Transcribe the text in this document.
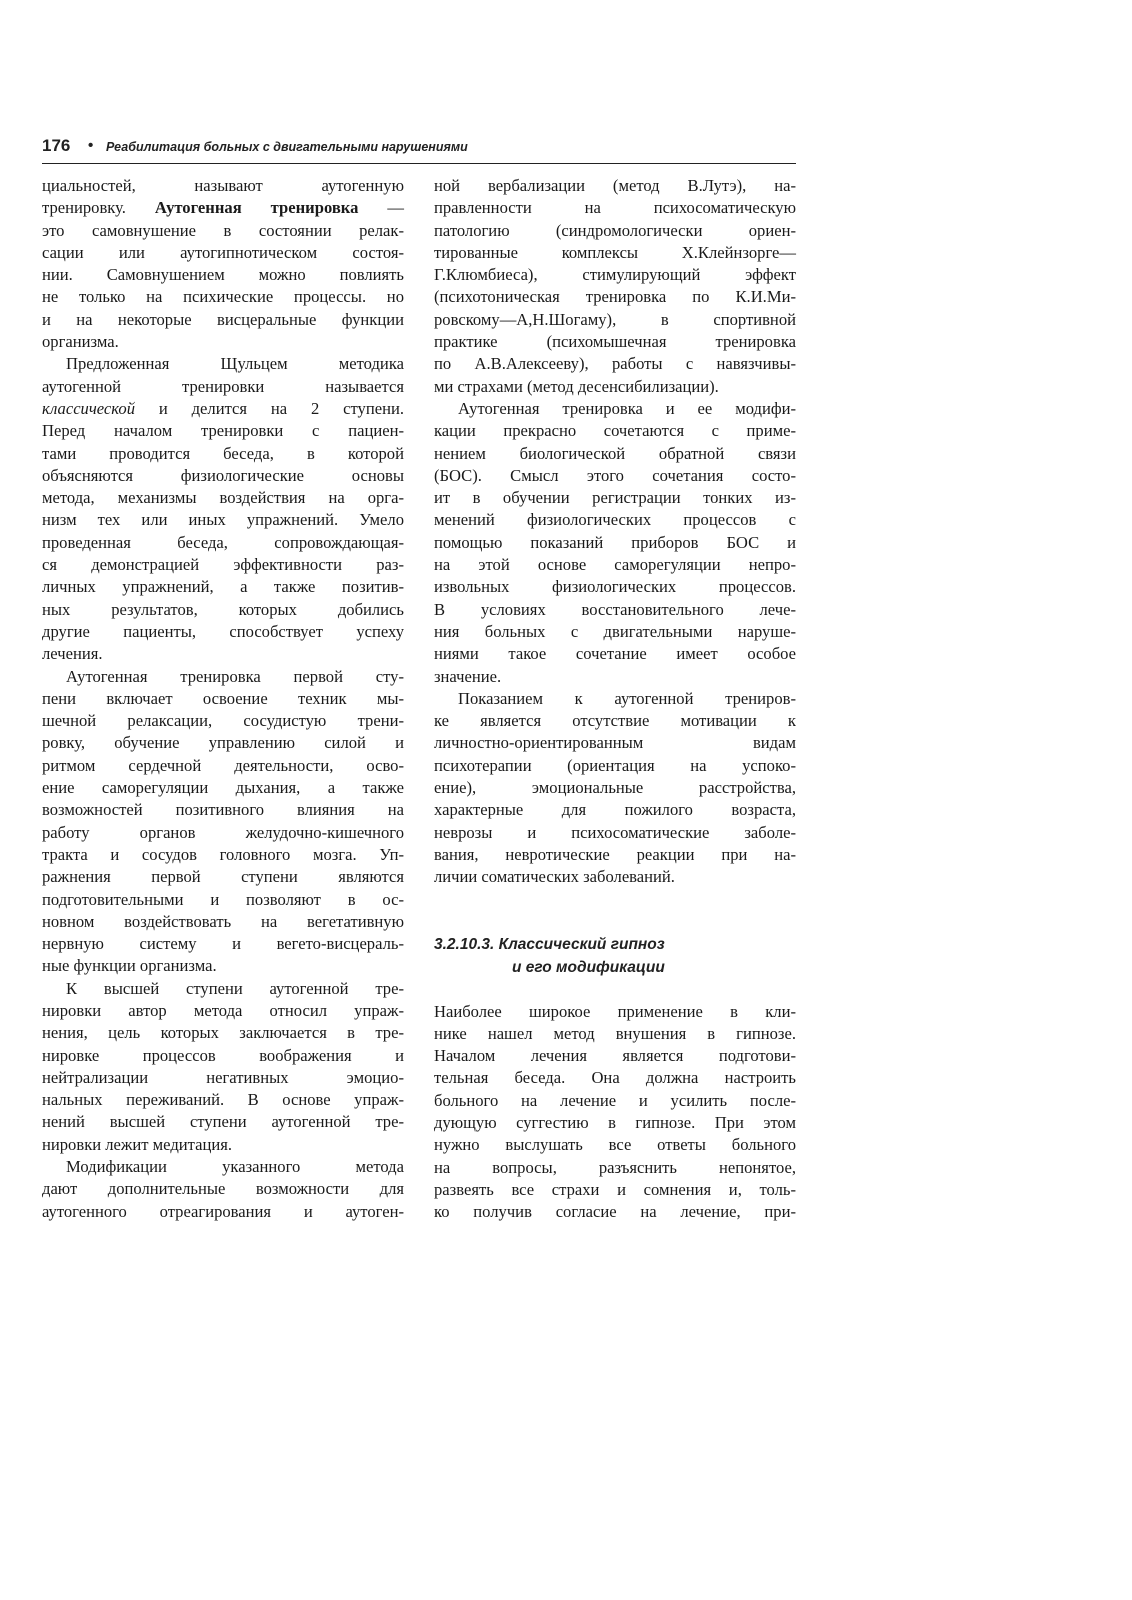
176 • Реабилитация больных с двигательными нарушениями
циальностей, называют аутогенную
тренировку. Аутогенная тренировка —
это самовнушение в состоянии релак-
сации или аутогипнотическом состоя-
нии. Самовнушением можно повлиять
не только на психические процессы. но
и на некоторые висцеральные функции
организма.
Предложенная Щульцем методика
аутогенной тренировки называется
классической и делится на 2 ступени.
Перед началом тренировки с пациен-
тами проводится беседа, в которой
объясняются физиологические основы
метода, механизмы воздействия на орга-
низм тех или иных упражнений. Умело
проведенная беседа, сопровождающая-
ся демонстрацией эффективности раз-
личных упражнений, а также позитив-
ных результатов, которых добились
другие пациенты, способствует успеху
лечения.
Аутогенная тренировка первой сту-
пени включает освоение техник мы-
шечной релаксации, сосудистую трени-
ровку, обучение управлению силой и
ритмом сердечной деятельности, осво-
ение саморегуляции дыхания, а также
возможностей позитивного влияния на
работу органов желудочно-кишечного
тракта и сосудов головного мозга. Уп-
ражнения первой ступени являются
подготовительными и позволяют в ос-
новном воздействовать на вегетативную
нервную систему и вегето-висцераль-
ные функции организма.
К высшей ступени аутогенной тре-
нировки автор метода относил упраж-
нения, цель которых заключается в тре-
нировке процессов воображения и
нейтрализации негативных эмоцио-
нальных переживаний. В основе упраж-
нений высшей ступени аутогенной тре-
нировки лежит медитация.
Модификации указанного метода
дают дополнительные возможности для
аутогенного отреагирования и аутоген-
ной вербализации (метод В.Лутэ), на-
правленности на психосоматическую
патологию (синдромологически ориен-
тированные комплексы Х.Клейнзорге—
Г.Клюмбиеса), стимулирующий эффект
(психотоническая тренировка по К.И.Ми-
ровскому—А,Н.Шогаму), в спортивной
практике (психомышечная тренировка
по А.В.Алексееву), работы с навязчивы-
ми страхами (метод десенсибилизации).
Аутогенная тренировка и ее модифи-
кации прекрасно сочетаются с приме-
нением биологической обратной связи
(БОС). Смысл этого сочетания состо-
ит в обучении регистрации тонких из-
менений физиологических процессов с
помощью показаний приборов БОС и
на этой основе саморегуляции непро-
извольных физиологических процессов.
В условиях восстановительного лече-
ния больных с двигательными наруше-
ниями такое сочетание имеет особое
значение.
Показанием к аутогенной трениров-
ке является отсутствие мотивации к
личностно-ориентированным видам
психотерапии (ориентация на успоко-
ение), эмоциональные расстройства,
характерные для пожилого возраста,
неврозы и психосоматические заболе-
вания, невротические реакции при на-
личии соматических заболеваний.
3.2.10.3. Классический гипноз
и его модификации
Наиболее широкое применение в кли-
нике нашел метод внушения в гипнозе.
Началом лечения является подготови-
тельная беседа. Она должна настроить
больного на лечение и усилить после-
дующую суггестию в гипнозе. При этом
нужно выслушать все ответы больного
на вопросы, разъяснить непонятое,
развеять все страхи и сомнения и, толь-
ко получив согласие на лечение, при-
